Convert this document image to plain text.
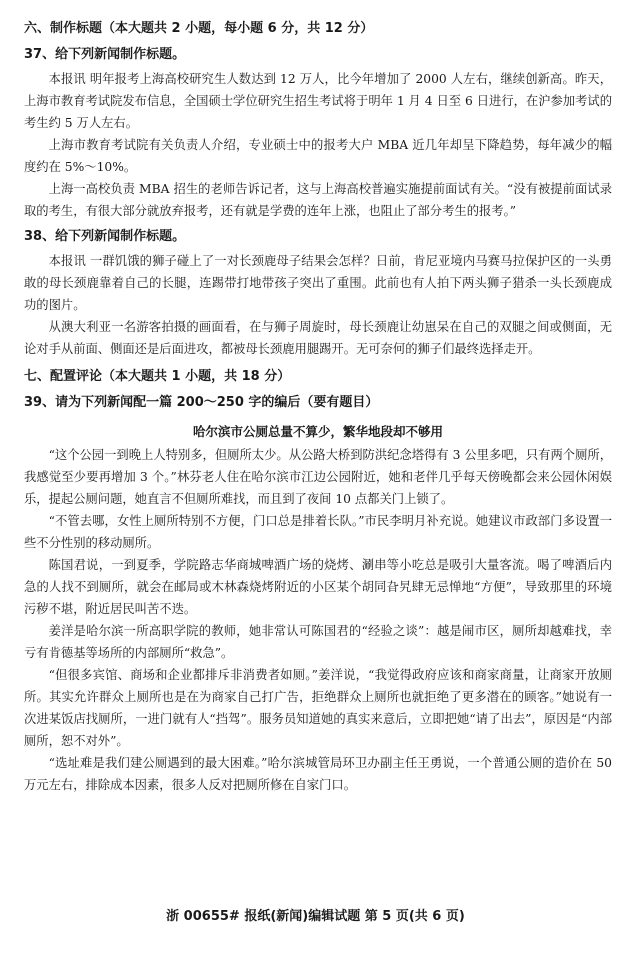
六、制作标题（本大题共 2 小题，每小题 6 分，共 12 分）
37、给下列新闻制作标题。

本报讯 明年报考上海高校研究生人数达到 12 万人，比今年增加了 2000 人左右，继续创新高。昨天，上海市教育考试院发布信息，全国硕士学位研究生招生考试将于明年 1 月 4 日至 6 日进行，在沪参加考试的考生约 5 万人左右。

上海市教育考试院有关负责人介绍，专业硕士中的报考大户 MBA 近几年却呈下降趋势，每年减少的幅度约在 5%～10%。

上海一高校负责 MBA 招生的老师告诉记者，这与上海高校普遍实施提前面试有关。“没有被提前面试录取的考生，有很大部分就放弃报考，还有就是学费的连年上涨，也阻止了部分考生的报考。”

38、给下列新闻制作标题。

本报讯 一群饥饿的狮子碰上了一对长颈鹿母子结果会怎样？日前，肯尼亚境内马赛马拉保护区的一头勇敢的母长颈鹿靠着自己的长腿，连踢带打地带孩子突出了重围。此前也有人拍下两头狮子猎杀一头长颈鹿成功的图片。

从澳大利亚一名游客拍摄的画面看，在与狮子周旋时，母长颈鹿让幼崽呆在自己的双腿之间或侧面，无论对手从前面、侧面还是后面进攻，都被母长颈鹿用腿踢开。无可奈何的狮子们最终选择走开。

七、配置评论（本大题共 1 小题，共 18 分）
39、请为下列新闻配一篇 200～250 字的编后（要有题目）
哈尔滨市公厕总量不算少，繁华地段却不够用

“这个公园一到晚上人特别多，但厕所太少。从公路大桥到防洪纪念塔得有 3 公里多吧，只有两个厕所，我感觉至少要再增加 3 个。”林芬老人住在哈尔滨市江边公园附近，她和老伴几乎每天傍晚都会来公园休闲娱乐，提起公厕问题，她直言不但厕所难找，而且到了夜间 10 点都关门上锁了。

“不管去哪，女性上厕所特别不方便，门口总是排着长队。”市民李明月补充说。她建议市政部门多设置一些不分性别的移动厕所。

陈国君说，一到夏季，学院路志华商城啤酒广场的烧烤、涮串等小吃总是吸引大量客流。喝了啤酒后内急的人找不到厕所，就会在邮局或木林森烧烤附近的小区某个胡同旮旯肆无忌惮地“方便”，导致那里的环境污秽不堪，附近居民叫苦不迭。

姜洋是哈尔滨一所高职学院的教师，她非常认可陈国君的“经验之谈”：越是闹市区，厕所却越难找，幸亏有肯德基等场所的内部厕所“救急”。

“但很多宾馆、商场和企业都排斥非消费者如厕。”姜洋说，“我觉得政府应该和商家商量，让商家开放厕所。其实允许群众上厕所也是在为商家自己打广告，拒绝群众上厕所也就拒绝了更多潜在的顾客。”她说有一次进某饭店找厕所，一进门就有人“挡驾”。服务员知道她的真实来意后，立即把她“请了出去”，原因是“内部厕所，恕不对外”。

“选址难是我们建公厕遇到的最大困难。”哈尔滨城管局环卫办副主任王勇说，一个普通公厕的造价在 50 万元左右，排除成本因素，很多人反对把厕所修在自家门口。

浙 00655# 报纸(新闻)编辑试题 第 5 页(共 6 页)
